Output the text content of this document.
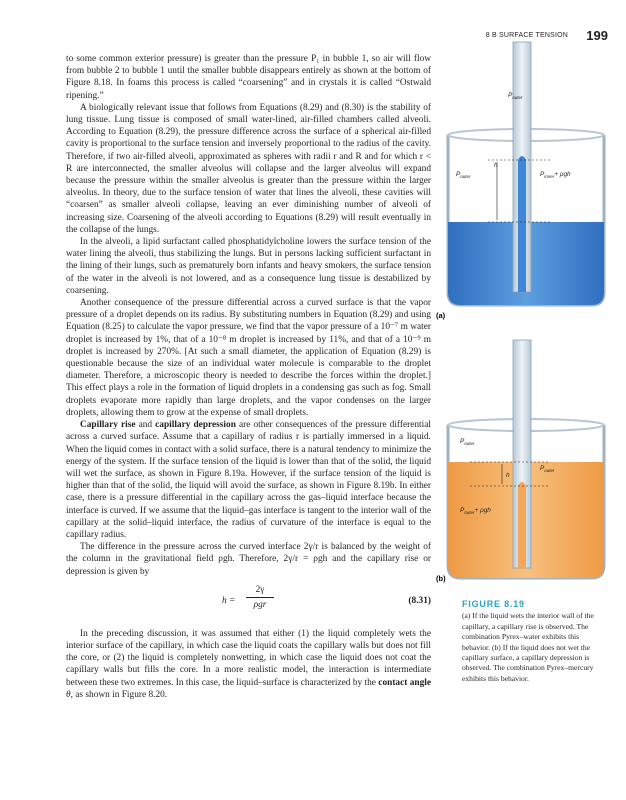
8 B SURFACE TENSION 199

to some common exterior pressure) is greater than the pressure P₁ in bubble 1, so air will flow from bubble 2 to bubble 1 until the smaller bubble disappears entirely as shown at the bottom of Figure 8.18. In foams this process is called “coarsening” and in crystals it is called “Ostwald ripening.”

A biologically relevant issue that follows from Equations (8.29) and (8.30) is the stability of lung tissue. Lung tissue is composed of small water-lined, air-filled chambers called alveoli. According to Equation (8.29), the pressure difference across the surface of a spherical air-filled cavity is proportional to the surface tension and inversely proportional to the radius of the cavity. Therefore, if two air-filled alveoli, approximated as spheres with radii r and R and for which r < R are interconnected, the smaller alveolus will collapse and the larger alveolus will expand because the pressure within the smaller alveolus is greater than the pressure within the larger alveolus. In theory, due to the surface tension of water that lines the alveoli, these cavities will “coarsen” as smaller alveoli collapse, leaving an ever diminishing number of alveoli of increasing size. Coarsening of the alveoli according to Equations (8.29) will result eventually in the collapse of the lungs.

In the alveoli, a lipid surfactant called phosphatidylcholine lowers the surface tension of the water lining the alveoli, thus stabilizing the lungs. But in persons lacking sufficient surfactant in the lining of their lungs, such as prematurely born infants and heavy smokers, the surface tension of the water in the alveoli is not lowered, and as a consequence lung tissue is destabilized by coarsening.

Another consequence of the pressure differential across a curved surface is that the vapor pressure of a droplet depends on its radius. By substituting numbers in Equation (8.29) and using Equation (8.25) to calculate the vapor pressure, we find that the vapor pressure of a 10⁻⁷ m water droplet is increased by 1%, that of a 10⁻⁸ m droplet is increased by 11%, and that of a 10⁻⁹ m droplet is increased by 270%. [At such a small diameter, the application of Equation (8.29) is questionable because the size of an individual water molecule is comparable to the droplet diameter. Therefore, a microscopic theory is needed to describe the forces within the droplet.] This effect plays a role in the formation of liquid droplets in a condensing gas such as fog. Small droplets evaporate more rapidly than large droplets, and the vapor condenses on the larger droplets, allowing them to grow at the expense of small droplets.

Capillary rise and capillary depression are other consequences of the pressure differential across a curved surface. Assume that a capillary of radius r is partially immersed in a liquid. When the liquid comes in contact with a solid surface, there is a natural tendency to minimize the energy of the system. If the surface tension of the liquid is lower than that of the solid, the liquid will wet the surface, as shown in Figure 8.19a. However, if the surface tension of the liquid is higher than that of the solid, the liquid will avoid the surface, as shown in Figure 8.19b. In either case, there is a pressure differential in the capillary across the gas–liquid interface because the interface is curved. If we assume that the liquid–gas interface is tangent to the interior wall of the capillary at the solid–liquid interface, the radius of curvature of the interface is equal to the capillary radius.

The difference in the pressure across the curved interface 2γ/r is balanced by the weight of the column in the gravitational field ρgh. Therefore, 2γ/r = ρgh and the capillary rise or depression is given by

h =
2γ
ρgr	(8.31)

In the preceding discussion, it was assumed that either (1) the liquid completely wets the interior surface of the capillary, in which case the liquid coats the capillary walls but does not fill the core, or (2) the liquid is completely nonwetting, in which case the liquid does not coat the capillary walls but fills the core. In a more realistic model, the interaction is intermediate between these two extremes. In this case, the liquid–surface is characterized by the contact angle θ, as shown in Figure 8.20.

$P_{outer}$
$P_{outer}$
h
$P_{inner}+ \rho gh$
(a)
$P_{outer}$
$P_{outer}$
h
$P_{outer}+ \rho gh$
(b)
FIGURE 8.19
(a) If the liquid wets the interior wall of the capillary, a capillary rise is observed. The combination Pyrex–water exhibits this behavior. (b) If the liquid does not wet the capillary surface, a capillary depression is observed. The combination Pyrex–mercury exhibits this behavior.
